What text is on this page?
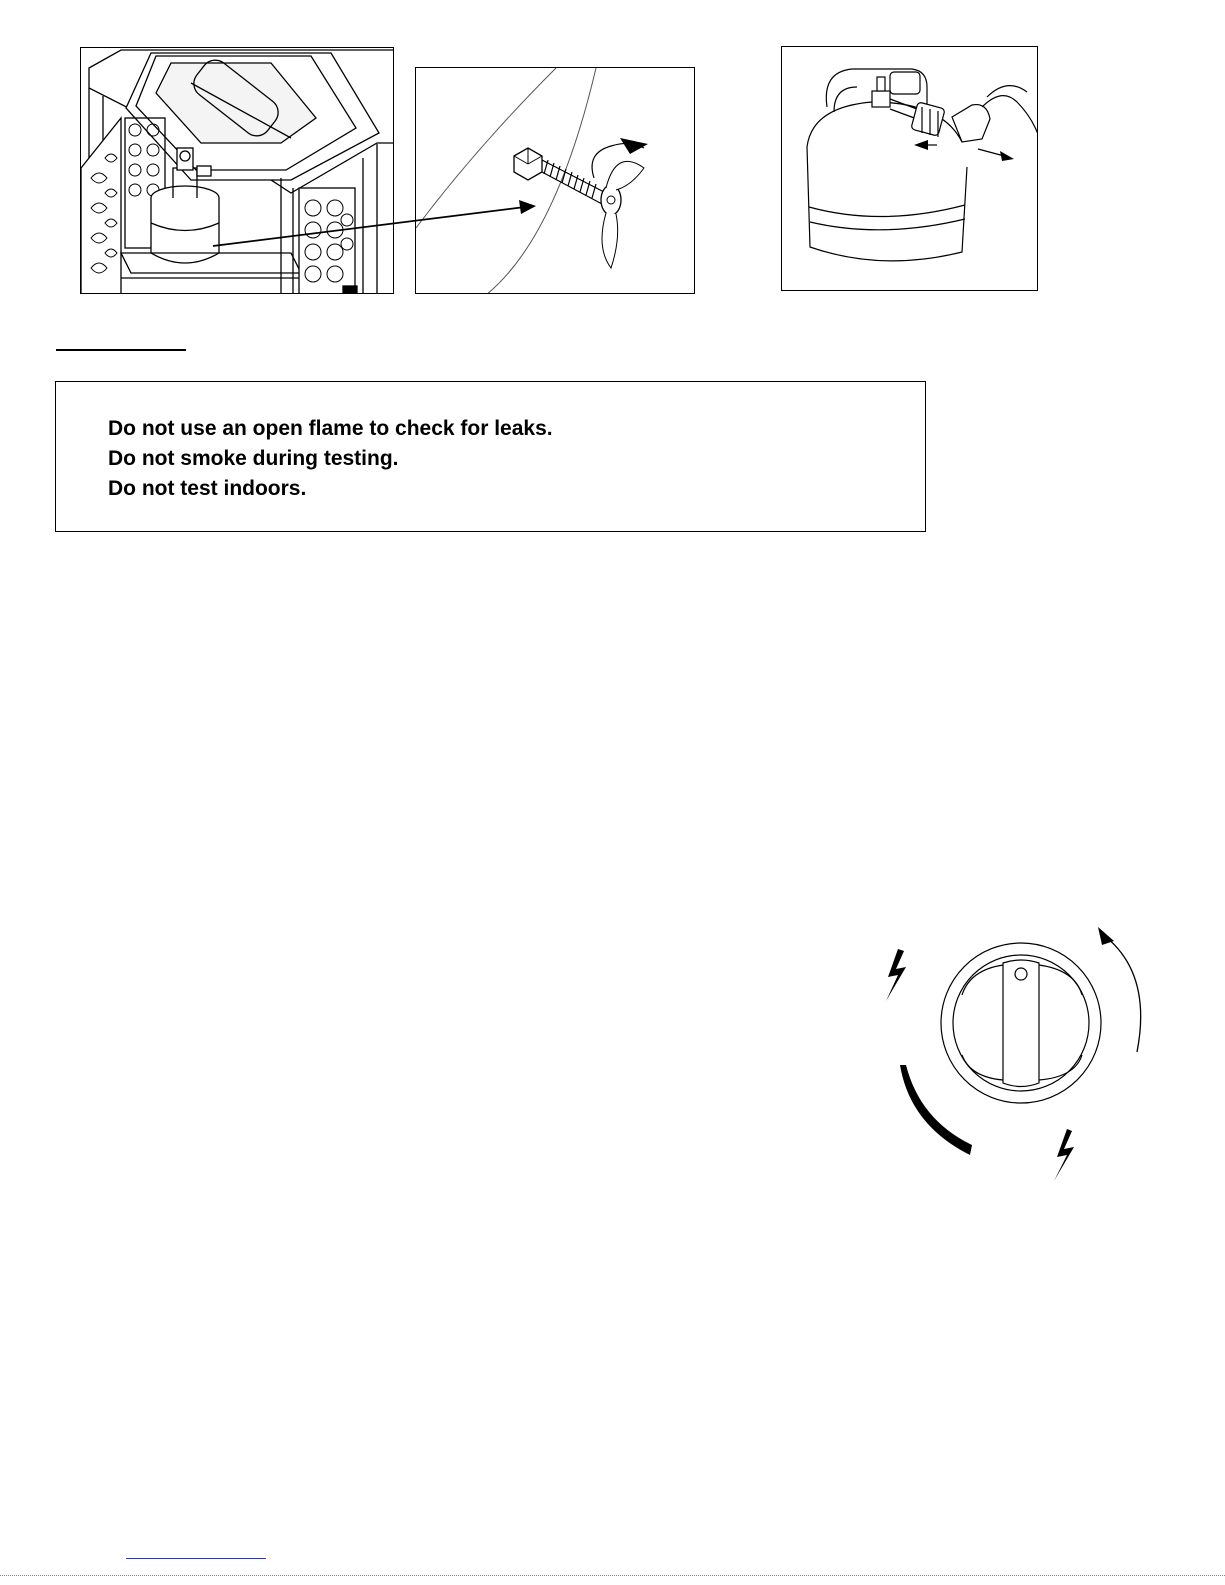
Do not use an open flame to check for leaks.
Do not smoke during testing.
Do not test indoors.
